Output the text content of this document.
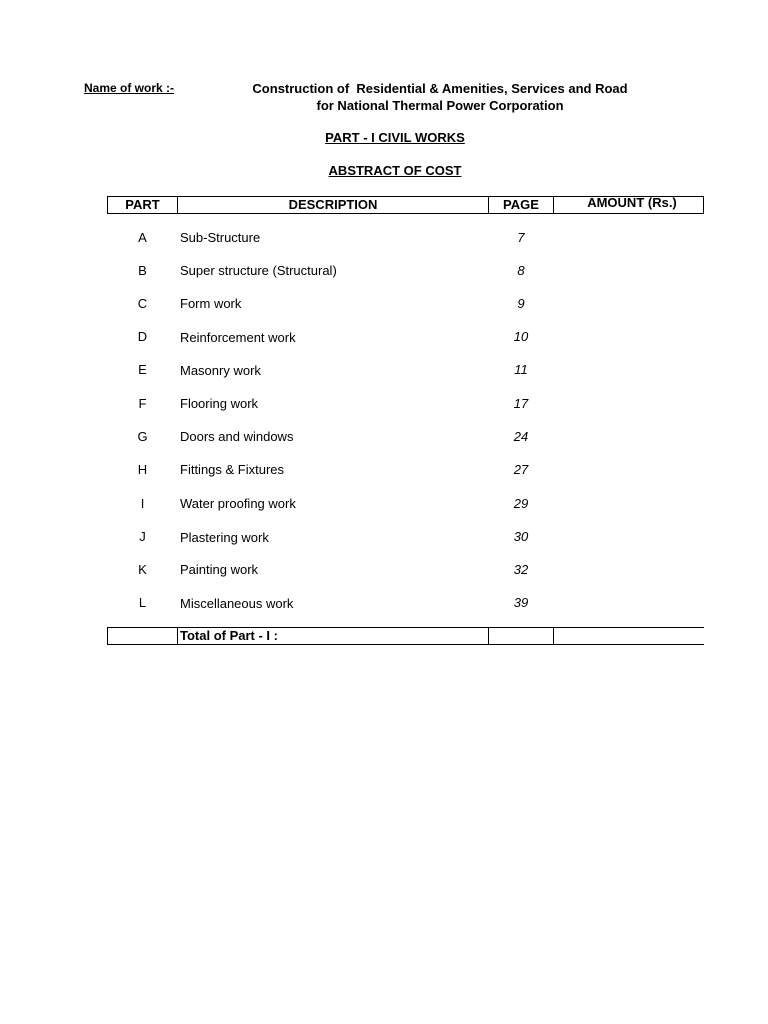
Name of work :-	Construction of  Residential & Amenities, Services and Road
for National Thermal Power Corporation
PART - I CIVIL WORKS
ABSTRACT OF COST
PART	DESCRIPTION	PAGE	AMOUNT (Rs.)
A	Sub-Structure	7
B	Super structure (Structural)	8
C	Form work	9
D	Reinforcement work	10
E	Masonry work	11
F	Flooring work	17
G	Doors and windows	24
H	Fittings & Fixtures	27
I	Water proofing work	29
J	Plastering work	30
K	Painting work	32
L	Miscellaneous work	39
Total of Part - I :
